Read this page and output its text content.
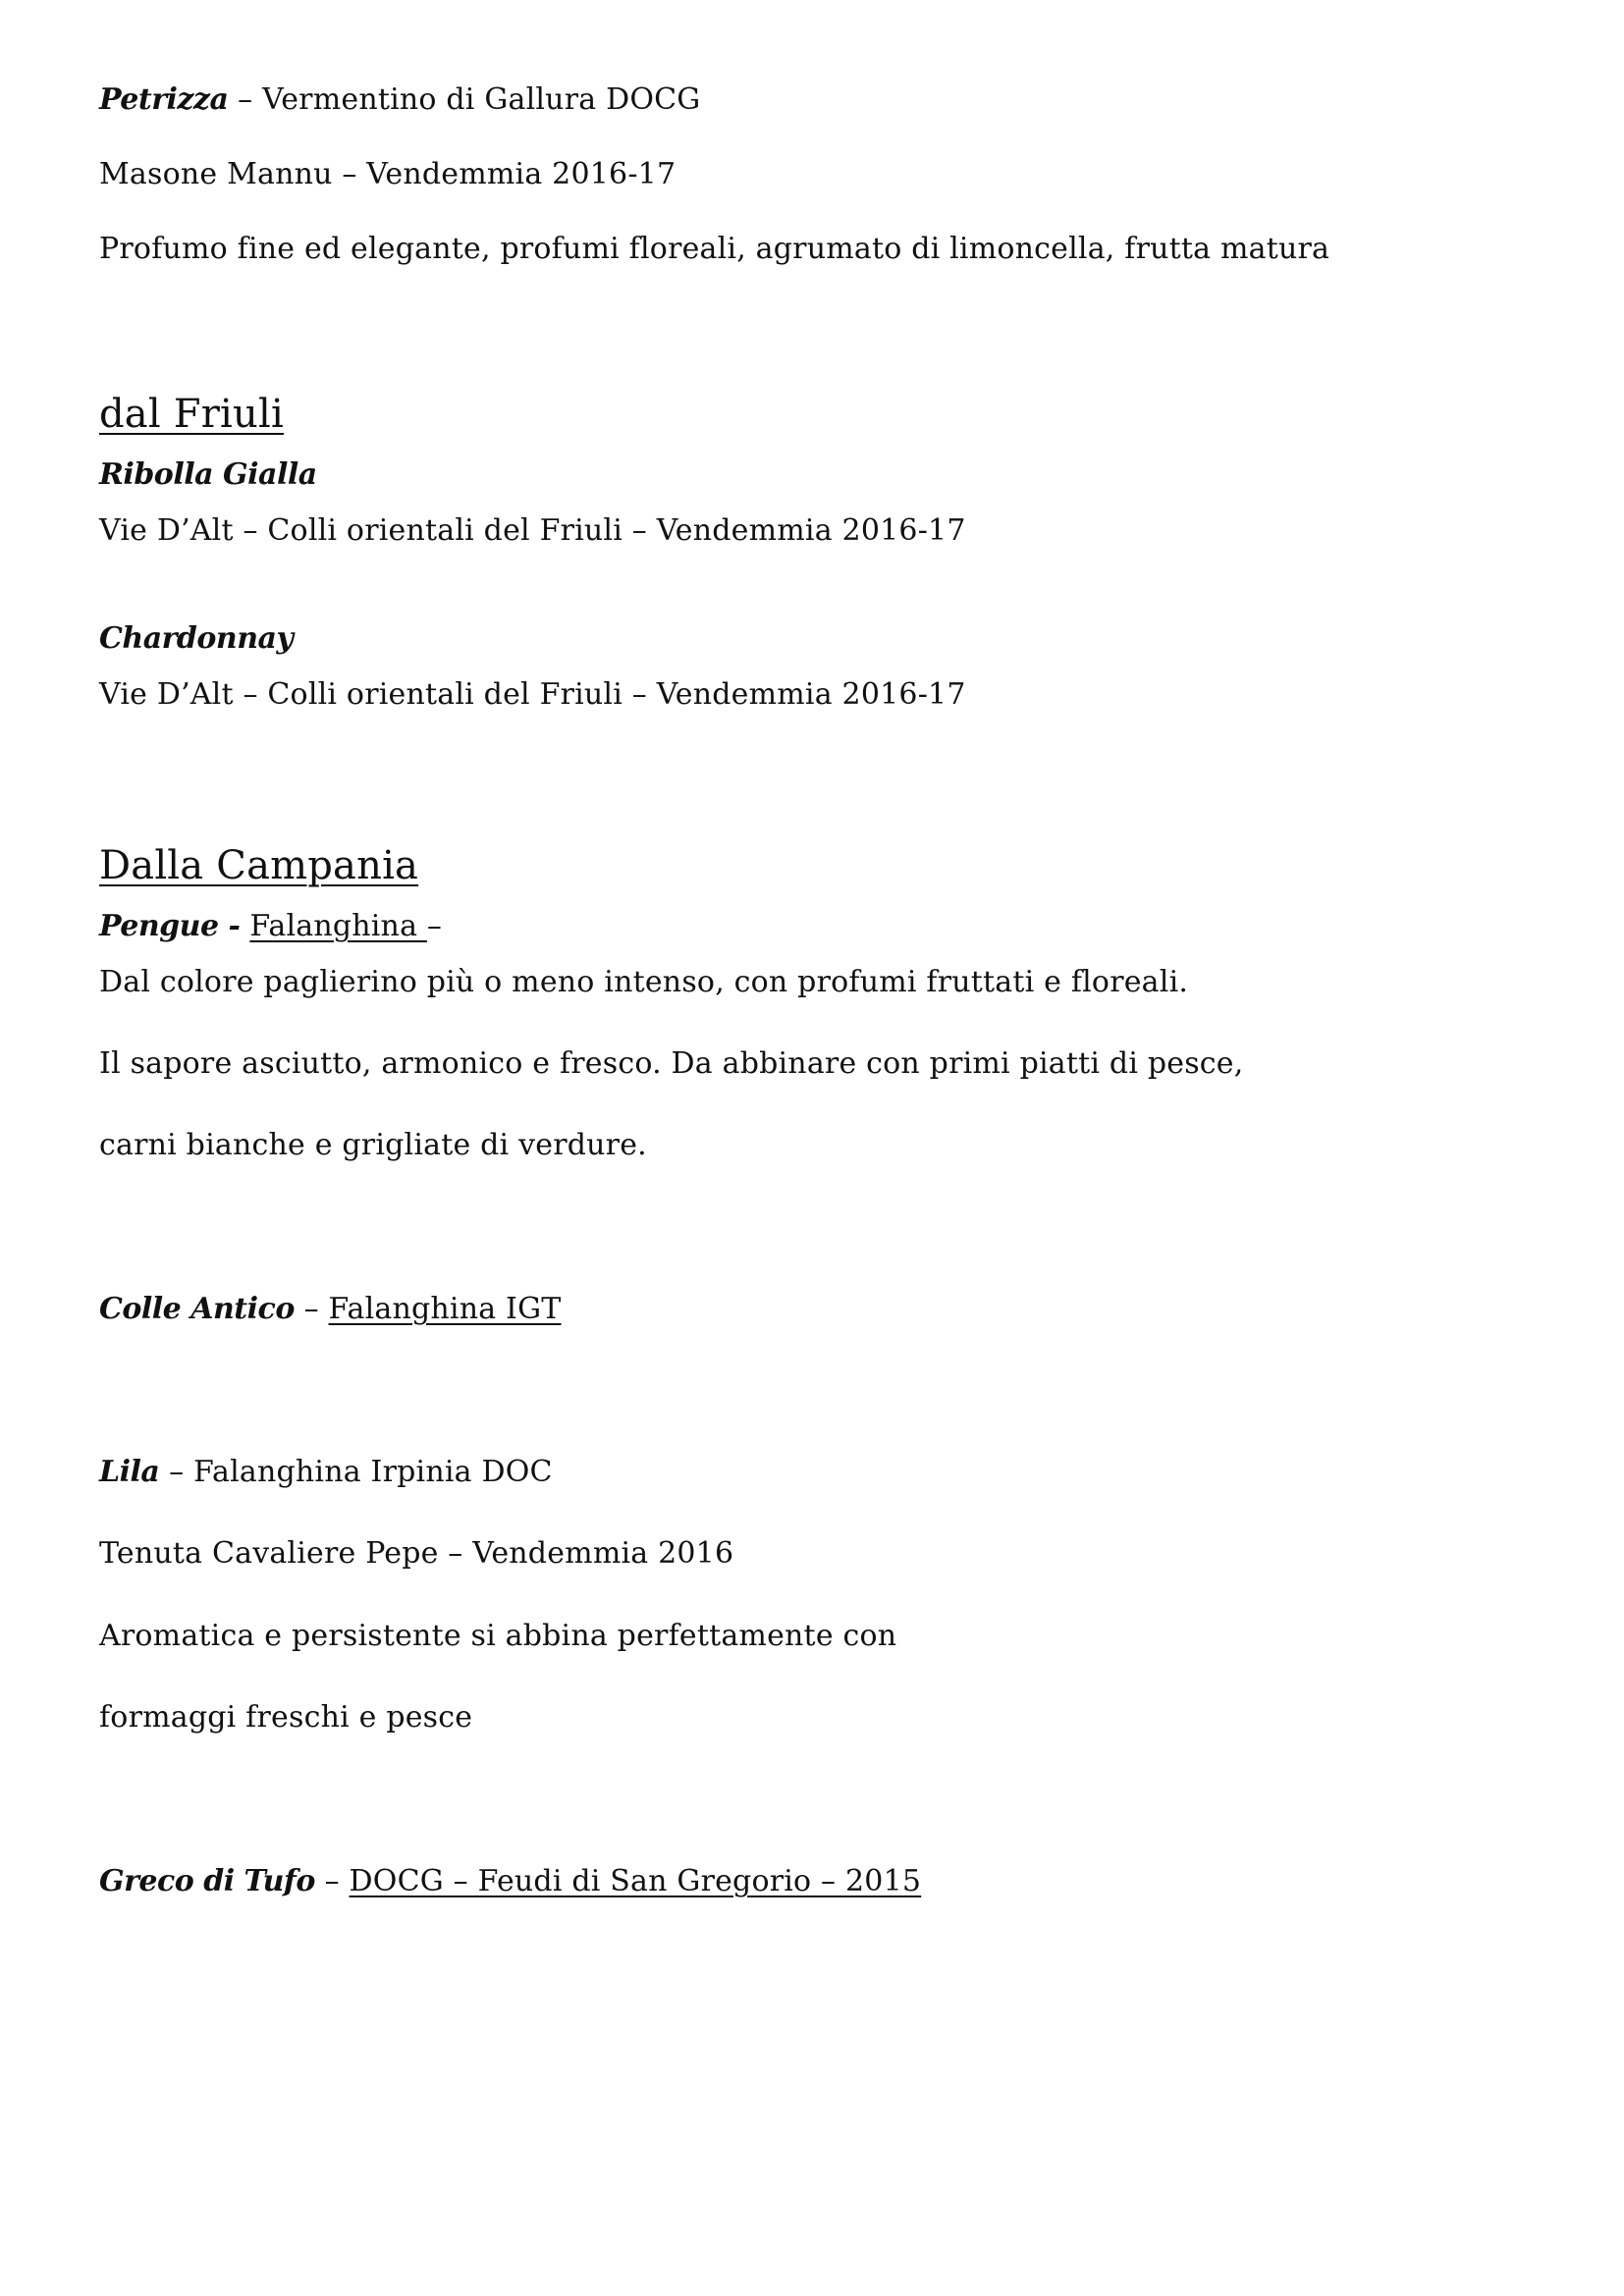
Petrizza – Vermentino di Gallura DOCG
Masone Mannu – Vendemmia 2016-17
Profumo fine ed elegante, profumi floreali, agrumato di limoncella, frutta matura
dal Friuli
Ribolla Gialla
Vie D’Alt – Colli orientali del Friuli – Vendemmia 2016-17
Chardonnay
Vie D’Alt – Colli orientali del Friuli – Vendemmia 2016-17
Dalla Campania
Pengue - Falanghina –
Dal colore paglierino più o meno intenso, con profumi fruttati e floreali.
Il sapore asciutto, armonico e fresco. Da abbinare con primi piatti di pesce,
carni bianche e grigliate di verdure.
Colle Antico – Falanghina IGT
Lila – Falanghina Irpinia DOC
Tenuta Cavaliere Pepe – Vendemmia 2016
Aromatica e persistente si abbina perfettamente con
formaggi freschi e pesce
Greco di Tufo – DOCG – Feudi di San Gregorio – 2015
